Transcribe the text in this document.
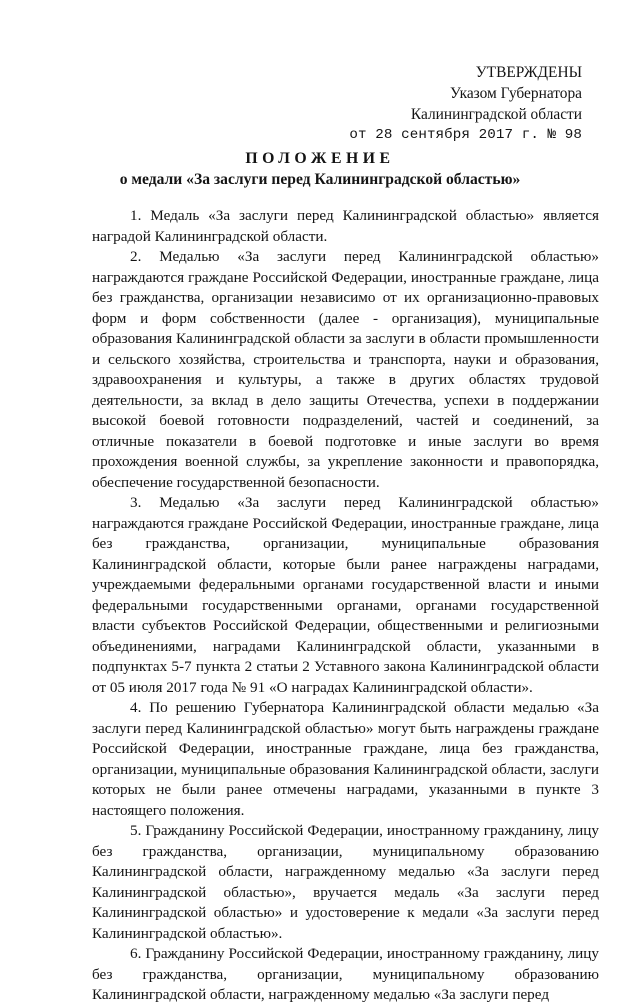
УТВЕРЖДЕНЫ
Указом Губернатора
Калининградской области
от 28 сентября 2017 г. № 98
ПОЛОЖЕНИЕ
о медали «За заслуги перед Калининградской областью»

1. Медаль «За заслуги перед Калининградской областью» является наградой Калининградской области.

2. Медалью «За заслуги перед Калининградской областью» награждаются граждане Российской Федерации, иностранные граждане, лица без гражданства, организации независимо от их организационно-правовых форм и форм собственности (далее - организация), муниципальные образования Калининградской области за заслуги в области промышленности и сельского хозяйства, строительства и транспорта, науки и образования, здравоохранения и культуры, а также в других областях трудовой деятельности, за вклад в дело защиты Отечества, успехи в поддержании высокой боевой готовности подразделений, частей и соединений, за отличные показатели в боевой подготовке и иные заслуги во время прохождения военной службы, за укрепление законности и правопорядка, обеспечение государственной безопасности.

3. Медалью «За заслуги перед Калининградской областью» награждаются граждане Российской Федерации, иностранные граждане, лица без гражданства, организации, муниципальные образования Калининградской области, которые были ранее награждены наградами, учреждаемыми федеральными органами государственной власти и иными федеральными государственными органами, органами государственной власти субъектов Российской Федерации, общественными и религиозными объединениями, наградами Калининградской области, указанными в подпунктах 5-7 пункта 2 статьи 2 Уставного закона Калининградской области от 05 июля 2017 года № 91 «О наградах Калининградской области».

4. По решению Губернатора Калининградской области медалью «За заслуги перед Калининградской областью» могут быть награждены граждане Российской Федерации, иностранные граждане, лица без гражданства, организации, муниципальные образования Калининградской области, заслуги которых не были ранее отмечены наградами, указанными в пункте 3 настоящего положения.

5. Гражданину Российской Федерации, иностранному гражданину, лицу без гражданства, организации, муниципальному образованию Калининградской области, награжденному медалью «За заслуги перед Калининградской областью», вручается медаль «За заслуги перед Калининградской областью» и удостоверение к медали «За заслуги перед Калининградской областью».

6. Гражданину Российской Федерации, иностранному гражданину, лицу без гражданства, организации, муниципальному образованию Калининградской области, награжденному медалью «За заслуги перед
